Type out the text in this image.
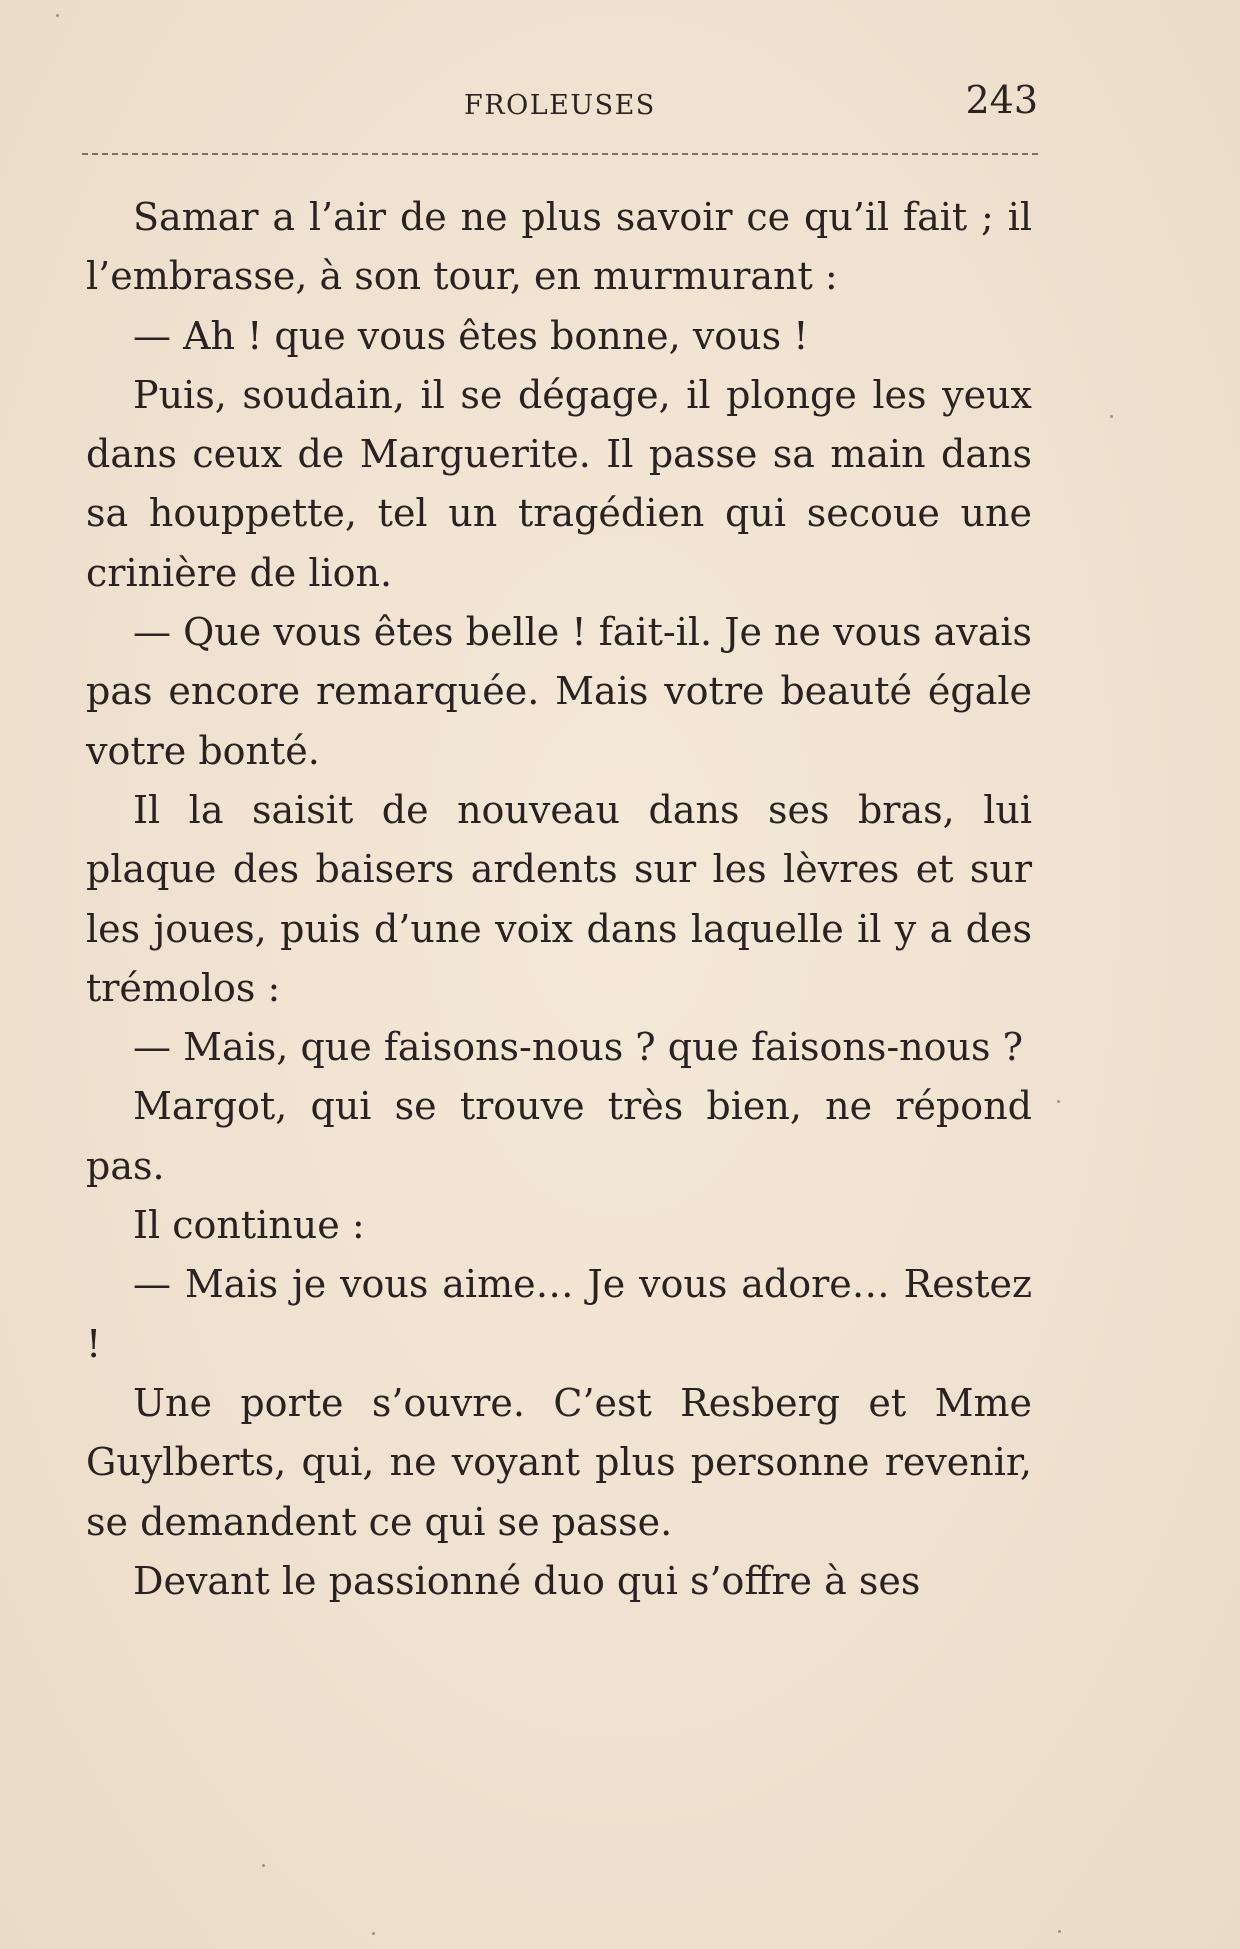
FROLEUSES	243

Samar a l’air de ne plus savoir ce qu’il fait ; il l’embrasse, à son tour, en murmurant :

— Ah ! que vous êtes bonne, vous !

Puis, soudain, il se dégage, il plonge les yeux dans ceux de Marguerite. Il passe sa main dans sa houppette, tel un tragédien qui secoue une crinière de lion.

— Que vous êtes belle ! fait-il. Je ne vous avais pas encore remarquée. Mais votre beauté égale votre bonté.

Il la saisit de nouveau dans ses bras, lui plaque des baisers ardents sur les lèvres et sur les joues, puis d’une voix dans laquelle il y a des trémolos :

— Mais, que faisons-nous ? que faisons-nous ?

Margot, qui se trouve très bien, ne répond pas.

Il continue :

— Mais je vous aime… Je vous adore… Restez !

Une porte s’ouvre. C’est Resberg et Mme Guylberts, qui, ne voyant plus personne revenir, se demandent ce qui se passe.

Devant le passionné duo qui s’offre à ses
